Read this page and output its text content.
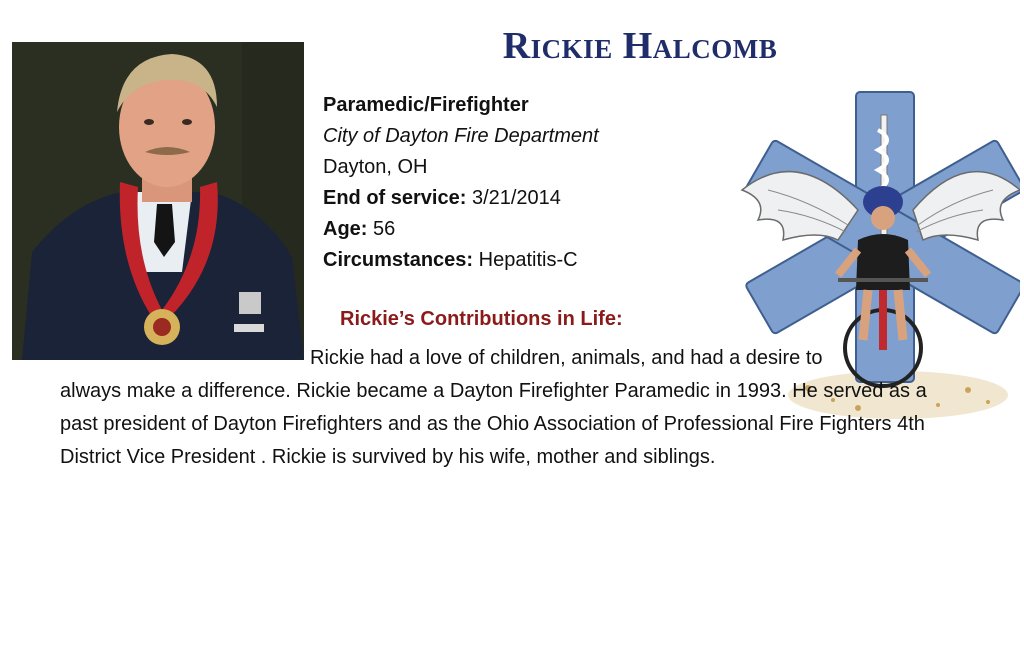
Rickie Halcomb
Paramedic/Firefighter
City of Dayton Fire Department
Dayton, OH
End of service: 3/21/2014
Age: 56
Circumstances: Hepatitis-C
Rickie’s Contributions in Life:

Rickie had a love of children, animals, and had a desire to

always make a difference. Rickie became a Dayton Firefighter Paramedic in 1993. He served as a past president of Dayton Firefighters and as the Ohio Association of Professional Fire Fighters 4th District Vice President . Rickie is survived by his wife, mother and siblings.
